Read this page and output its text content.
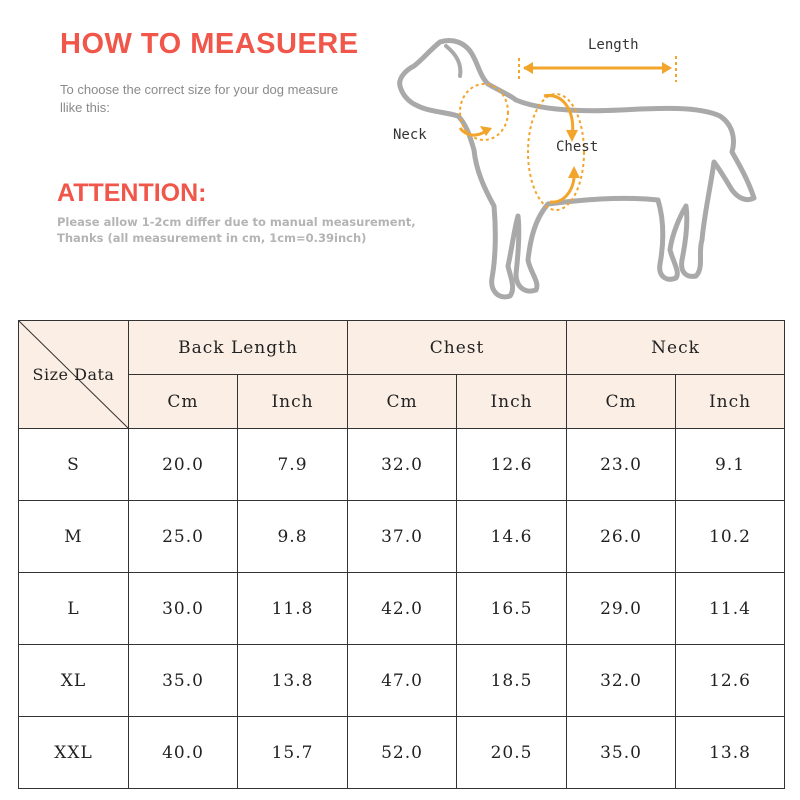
HOW TO MEASUERE
To choose the correct size for your dog measure llike this:
ATTENTION:
Please allow 1-2cm differ due to manual measurement,
Thanks (all measurement in cm, 1cm=0.39inch)
Length
Neck
Chest
Size Data	Back Length		Chest		Neck	
	Cm	Inch	Cm	Inch	Cm	Inch
S	20.0	7.9	32.0	12.6	23.0	9.1
M	25.0	9.8	37.0	14.6	26.0	10.2
L	30.0	11.8	42.0	16.5	29.0	11.4
XL	35.0	13.8	47.0	18.5	32.0	12.6
XXL	40.0	15.7	52.0	20.5	35.0	13.8
